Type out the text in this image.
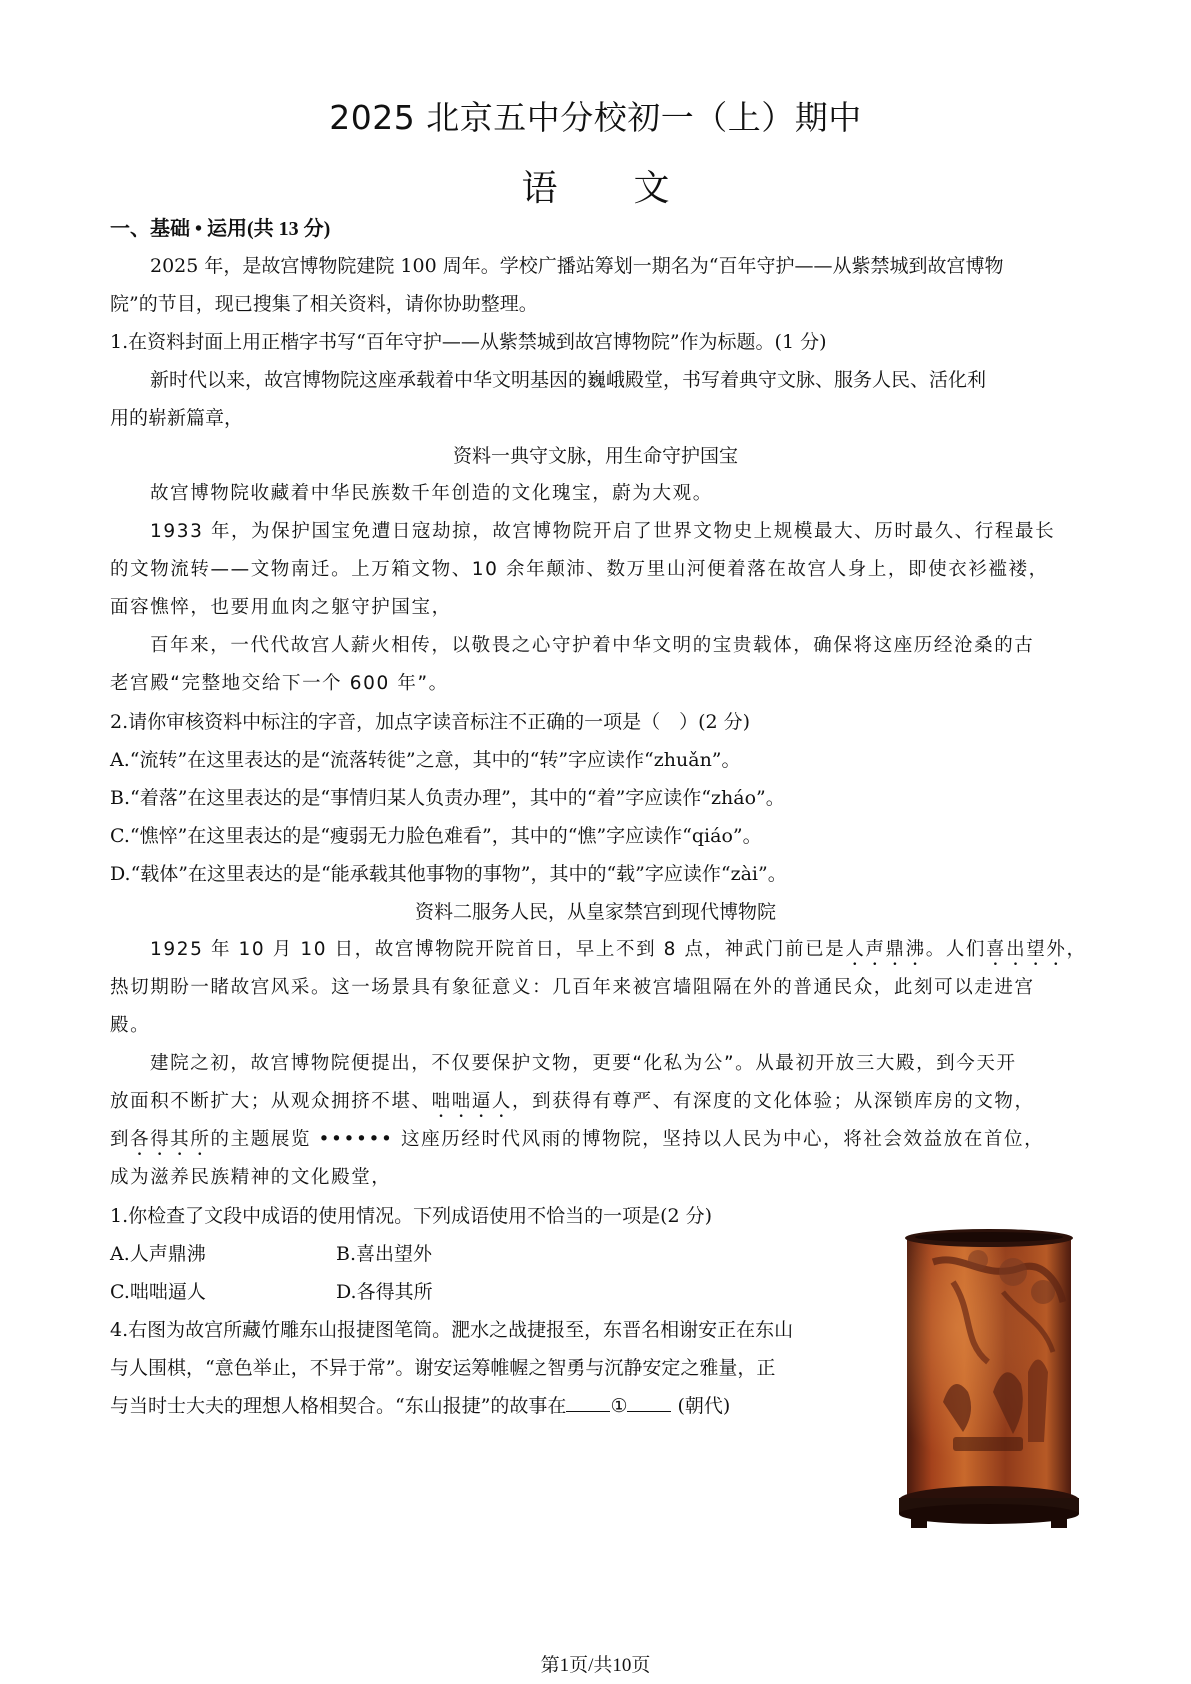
2025 北京五中分校初一（上）期中
语 文
一、基础 • 运用(共 13 分)
2025 年，是故宫博物院建院 100 周年。学校广播站筹划一期名为“百年守护——从紫禁城到故宫博物
院”的节目，现已搜集了相关资料，请你协助整理。
1.在资料封面上用正楷字书写“百年守护——从紫禁城到故宫博物院”作为标题。(1 分)
新时代以来，故宫博物院这座承载着中华文明基因的巍峨殿堂，书写着典守文脉、服务人民、活化利
用的崭新篇章，
资料一典守文脉，用生命守护国宝
故宫博物院收藏着中华民族数千年创造的文化瑰宝，蔚为大观。
1933 年，为保护国宝免遭日寇劫掠，故宫博物院开启了世界文物史上规模最大、历时最久、行程最长
的文物流转——文物南迁。上万箱文物、10 余年颠沛、数万里山河便着落在故宫人身上，即使衣衫褴褛，
面容憔悴，也要用血肉之躯守护国宝，
百年来，一代代故宫人薪火相传，以敬畏之心守护着中华文明的宝贵载体，确保将这座历经沧桑的古
老宫殿“完整地交给下一个 600 年”。
2.请你审核资料中标注的字音，加点字读音标注不正确的一项是（　）(2 分)
A.“流转”在这里表达的是“流落转徙”之意，其中的“转”字应读作“zhuǎn”。
B.“着落”在这里表达的是“事情归某人负责办理”，其中的“着”字应读作“zháo”。
C.“憔悴”在这里表达的是“瘦弱无力脸色难看”，其中的“憔”字应读作“qiáo”。
D.“载体”在这里表达的是“能承载其他事物的事物”，其中的“载”字应读作“zài”。
资料二服务人民，从皇家禁宫到现代博物院
1925 年 10 月 10 日，故宫博物院开院首日，早上不到 8 点，神武门前已是人声鼎沸。人们喜出望外，
热切期盼一睹故宫风采。这一场景具有象征意义：几百年来被宫墙阻隔在外的普通民众，此刻可以走进宫
殿。
建院之初，故宫博物院便提出，不仅要保护文物，更要“化私为公”。从最初开放三大殿，到今天开
放面积不断扩大；从观众拥挤不堪、咄咄逼人，到获得有尊严、有深度的文化体验；从深锁库房的文物，
到各得其所的主题展览 •••••• 这座历经时代风雨的博物院，坚持以人民为中心，将社会效益放在首位，
成为滋养民族精神的文化殿堂，
1.你检查了文段中成语的使用情况。下列成语使用不恰当的一项是(2 分)
A.人声鼎沸	B.喜出望外
C.咄咄逼人	D.各得其所
4.右图为故宫所藏竹雕东山报捷图笔筒。淝水之战捷报至，东晋名相谢安正在东山
与人围棋，“意色举止，不异于常”。谢安运筹帷幄之智勇与沉静安定之雅量，正
与当时士大夫的理想人格相契合。“东山报捷”的故事在 ① (朝代)
第1页/共10页
